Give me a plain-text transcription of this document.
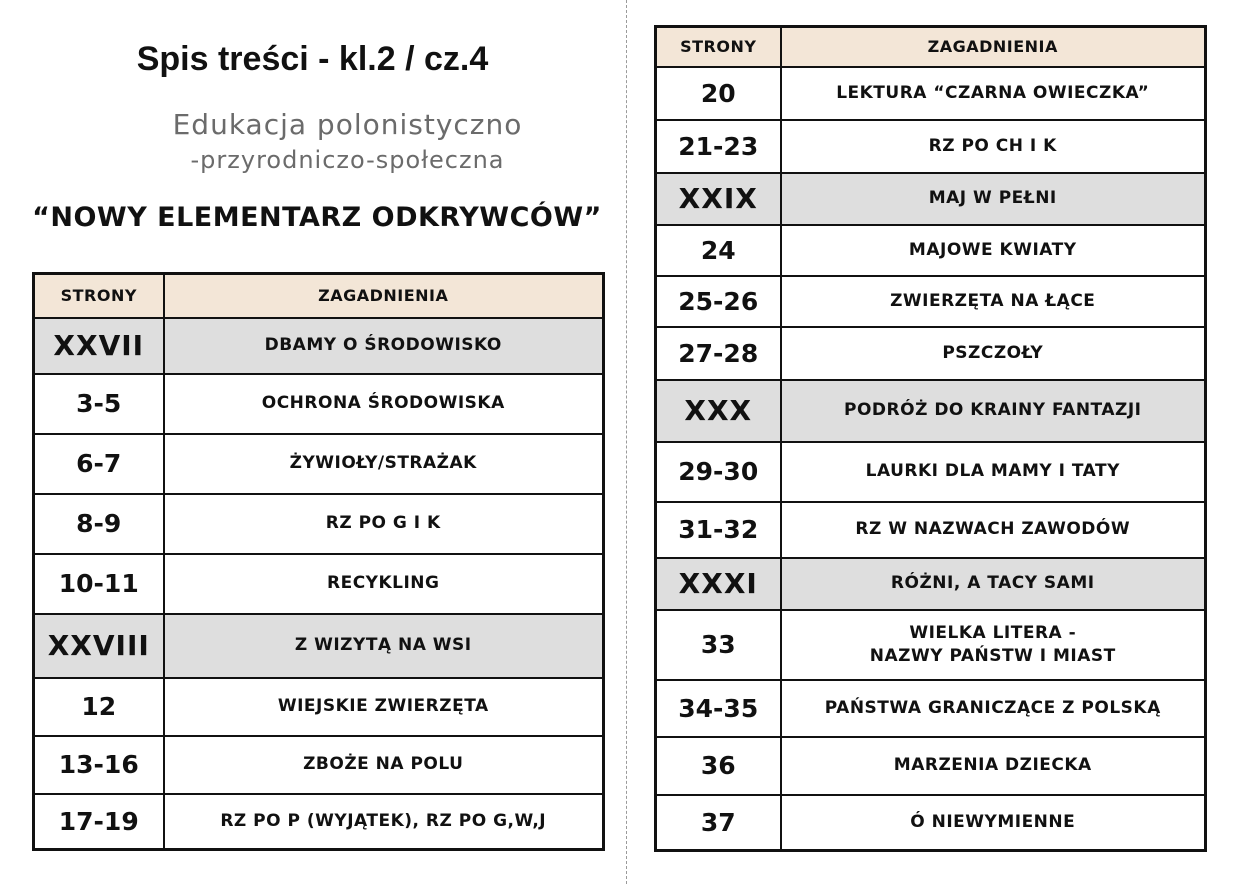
Spis treści - kl.2 / cz.4
Edukacja polonistyczno
-przyrodniczo-społeczna
“NOWY ELEMENTARZ ODKRYWCÓW”
STRONY	ZAGADNIENIA
XXVII	DBAMY O ŚRODOWISKO
3-5	OCHRONA ŚRODOWISKA
6-7	ŻYWIOŁY/STRAŻAK
8-9	RZ PO G I K
10-11	RECYKLING
XXVIII	Z WIZYTĄ NA WSI
12	WIEJSKIE ZWIERZĘTA
13-16	ZBOŻE NA POLU
17-19	RZ PO P (WYJĄTEK), RZ PO G,W,J
STRONY	ZAGADNIENIA
20	LEKTURA “CZARNA OWIECZKA”
21-23	RZ PO CH I K
XXIX	MAJ W PEŁNI
24	MAJOWE KWIATY
25-26	ZWIERZĘTA NA ŁĄCE
27-28	PSZCZOŁY
XXX	PODRÓŻ DO KRAINY FANTAZJI
29-30	LAURKI DLA MAMY I TATY
31-32	RZ W NAZWACH ZAWODÓW
XXXI	RÓŻNI, A TACY SAMI
33	WIELKA LITERA -
NAZWY PAŃSTW I MIAST
34-35	PAŃSTWA GRANICZĄCE Z POLSKĄ
36	MARZENIA DZIECKA
37	Ó NIEWYMIENNE
